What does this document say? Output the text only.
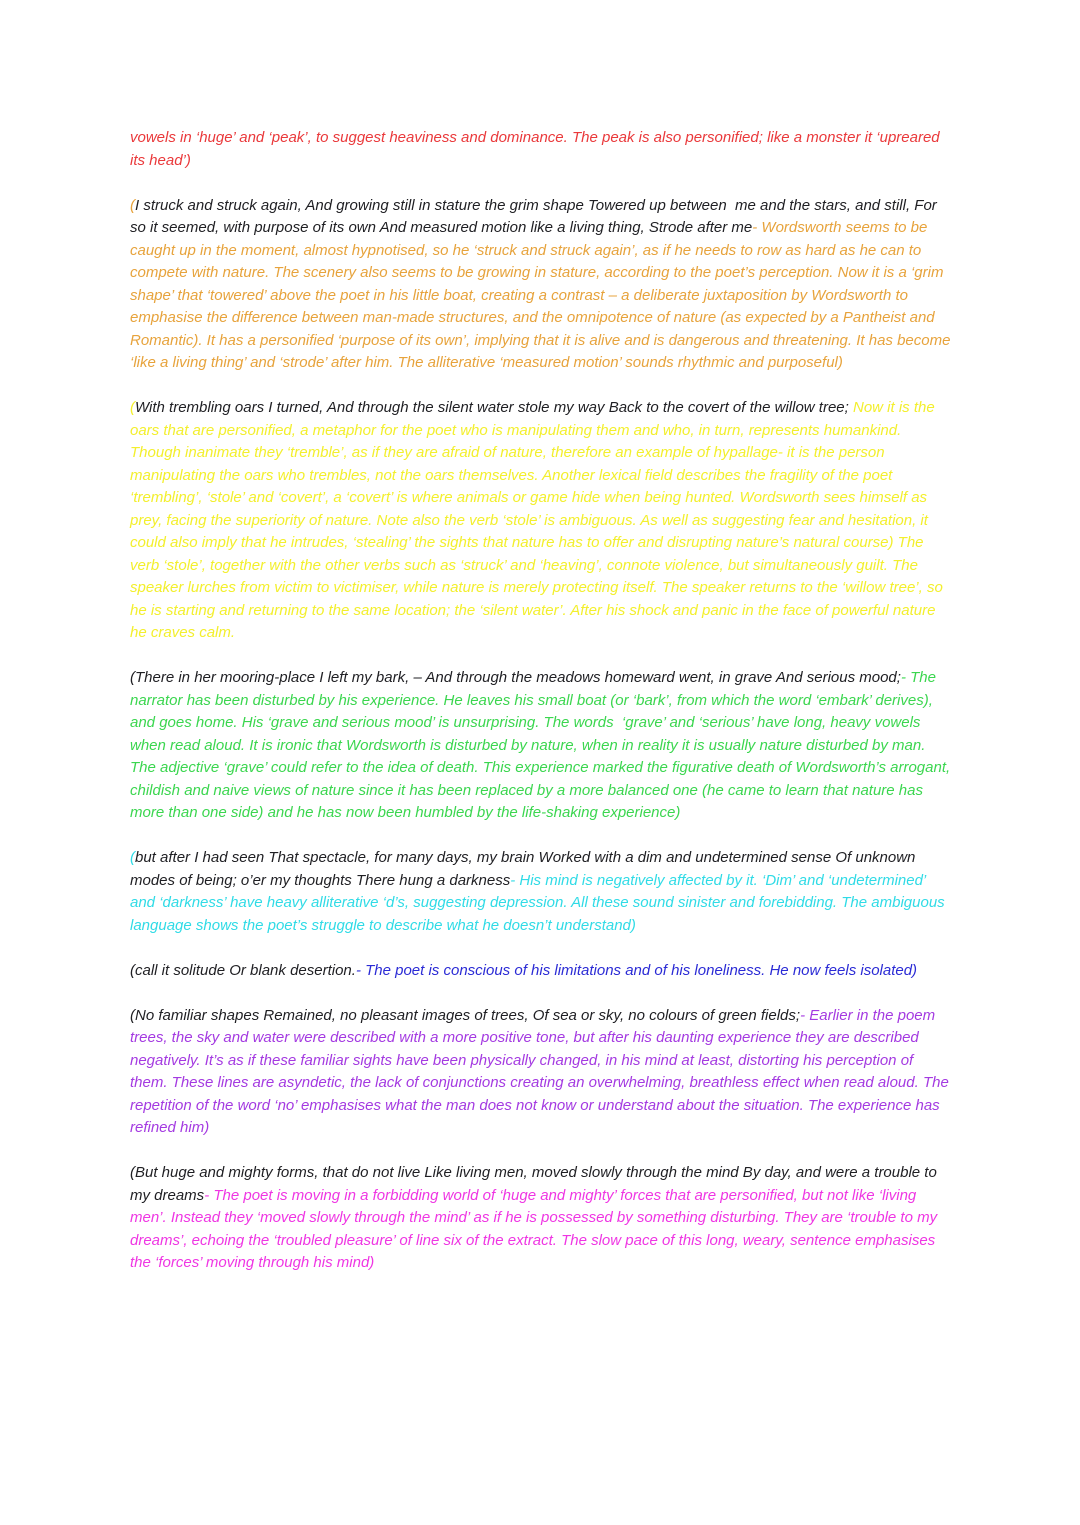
vowels in ‘huge’ and ‘peak’, to suggest heaviness and dominance. The peak is also personified; like a monster it ‘upreared its head’)

(I struck and struck again, And growing still in stature the grim shape Towered up between  me and the stars, and still, For so it seemed, with purpose of its own And measured motion like a living thing, Strode after me- Wordsworth seems to be caught up in the moment, almost hypnotised, so he ‘struck and struck again’, as if he needs to row as hard as he can to compete with nature. The scenery also seems to be growing in stature, according to the poet’s perception. Now it is a ‘grim shape’ that ‘towered’ above the poet in his little boat, creating a contrast – a deliberate juxtaposition by Wordsworth to emphasise the difference between man-made structures, and the omnipotence of nature (as expected by a Pantheist and Romantic). It has a personified ‘purpose of its own’, implying that it is alive and is dangerous and threatening. It has become ‘like a living thing’ and ‘strode’ after him. The alliterative ‘measured motion’ sounds rhythmic and purposeful)

(With trembling oars I turned, And through the silent water stole my way Back to the covert of the willow tree; Now it is the oars that are personified, a metaphor for the poet who is manipulating them and who, in turn, represents humankind. Though inanimate they ‘tremble’, as if they are afraid of nature, therefore an example of hypallage- it is the person manipulating the oars who trembles, not the oars themselves. Another lexical field describes the fragility of the poet ‘trembling’, ‘stole’ and ‘covert’, a ‘covert’ is where animals or game hide when being hunted. Wordsworth sees himself as prey, facing the superiority of nature. Note also the verb ‘stole’ is ambiguous. As well as suggesting fear and hesitation, it could also imply that he intrudes, ‘stealing’ the sights that nature has to offer and disrupting nature’s natural course) The verb ‘stole’, together with the other verbs such as ‘struck’ and ‘heaving’, connote violence, but simultaneously guilt. The speaker lurches from victim to victimiser, while nature is merely protecting itself. The speaker returns to the ‘willow tree’, so he is starting and returning to the same location; the ‘silent water’. After his shock and panic in the face of powerful nature he craves calm.

(There in her mooring-place I left my bark, – And through the meadows homeward went, in grave And serious mood;- The narrator has been disturbed by his experience. He leaves his small boat (or ‘bark’, from which the word ‘embark’ derives), and goes home. His ‘grave and serious mood’ is unsurprising. The words  ‘grave’ and ‘serious’ have long, heavy vowels when read aloud. It is ironic that Wordsworth is disturbed by nature, when in reality it is usually nature disturbed by man. The adjective ‘grave’ could refer to the idea of death. This experience marked the figurative death of Wordsworth’s arrogant, childish and naive views of nature since it has been replaced by a more balanced one (he came to learn that nature has more than one side) and he has now been humbled by the life-shaking experience)

(but after I had seen That spectacle, for many days, my brain Worked with a dim and undetermined sense Of unknown modes of being; o’er my thoughts There hung a darkness- His mind is negatively affected by it. ‘Dim’ and ‘undetermined’ and ‘darkness’ have heavy alliterative ‘d’s, suggesting depression. All these sound sinister and forebidding. The ambiguous language shows the poet’s struggle to describe what he doesn’t understand)

(call it solitude Or blank desertion.- The poet is conscious of his limitations and of his loneliness. He now feels isolated)

(No familiar shapes Remained, no pleasant images of trees, Of sea or sky, no colours of green fields;- Earlier in the poem trees, the sky and water were described with a more positive tone, but after his daunting experience they are described negatively. It’s as if these familiar sights have been physically changed, in his mind at least, distorting his perception of them. These lines are asyndetic, the lack of conjunctions creating an overwhelming, breathless effect when read aloud. The repetition of the word ‘no’ emphasises what the man does not know or understand about the situation. The experience has refined him)

(But huge and mighty forms, that do not live Like living men, moved slowly through the mind By day, and were a trouble to my dreams- The poet is moving in a forbidding world of ‘huge and mighty’ forces that are personified, but not like ‘living men’. Instead they ‘moved slowly through the mind’ as if he is possessed by something disturbing. They are ‘trouble to my dreams’, echoing the ‘troubled pleasure’ of line six of the extract. The slow pace of this long, weary, sentence emphasises the ‘forces’ moving through his mind)
